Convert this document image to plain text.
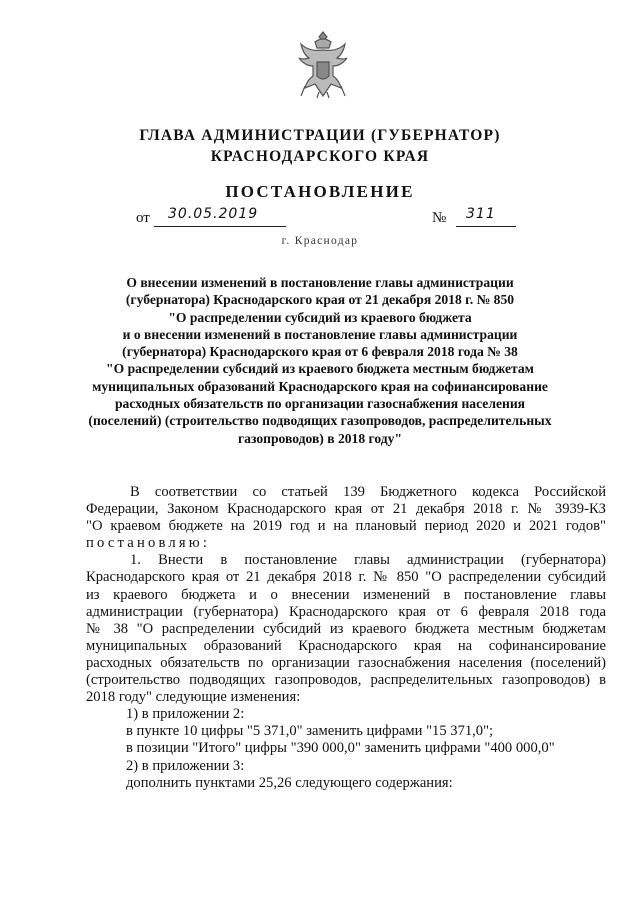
ГЛАВА АДМИНИСТРАЦИИ (ГУБЕРНАТОР)
КРАСНОДАРСКОГО КРАЯ
ПОСТАНОВЛЕНИЕ
от 30.05.2019	№ 311
г. Краснодар
О внесении изменений в постановление главы администрации
(губернатора) Краснодарского края от 21 декабря 2018 г. № 850
"О распределении субсидий из краевого бюджета
и о внесении изменений в постановление главы администрации
(губернатора) Краснодарского края от 6 февраля 2018 года № 38
"О распределении субсидий из краевого бюджета местным бюджетам
муниципальных образований Краснодарского края на софинансирование
расходных обязательств по организации газоснабжения населения
(поселений) (строительство подводящих газопроводов, распределительных
газопроводов) в 2018 году"
В соответствии со статьей 139 Бюджетного кодекса Российской
Федерации, Законом Краснодарского края от 21 декабря 2018 г. № 3939-КЗ
"О краевом бюджете на 2019 год и на плановый период 2020 и 2021 годов"
постановляю:
1. Внести в постановление главы администрации (губернатора)
Краснодарского края от 21 декабря 2018 г. № 850 "О распределении субсидий
из краевого бюджета и о внесении изменений в постановление главы
администрации (губернатора) Краснодарского края от 6 февраля 2018 года
№ 38 "О распределении субсидий из краевого бюджета местным бюджетам
муниципальных образований Краснодарского края на софинансирование
расходных обязательств по организации газоснабжения населения (поселений)
(строительство подводящих газопроводов, распределительных газопроводов) в
2018 году" следующие изменения:
1) в приложении 2:
в пункте 10 цифры "5 371,0" заменить цифрами "15 371,0";
в позиции "Итого" цифры "390 000,0" заменить цифрами "400 000,0"
2) в приложении 3:
дополнить пунктами 25,26 следующего содержания:
